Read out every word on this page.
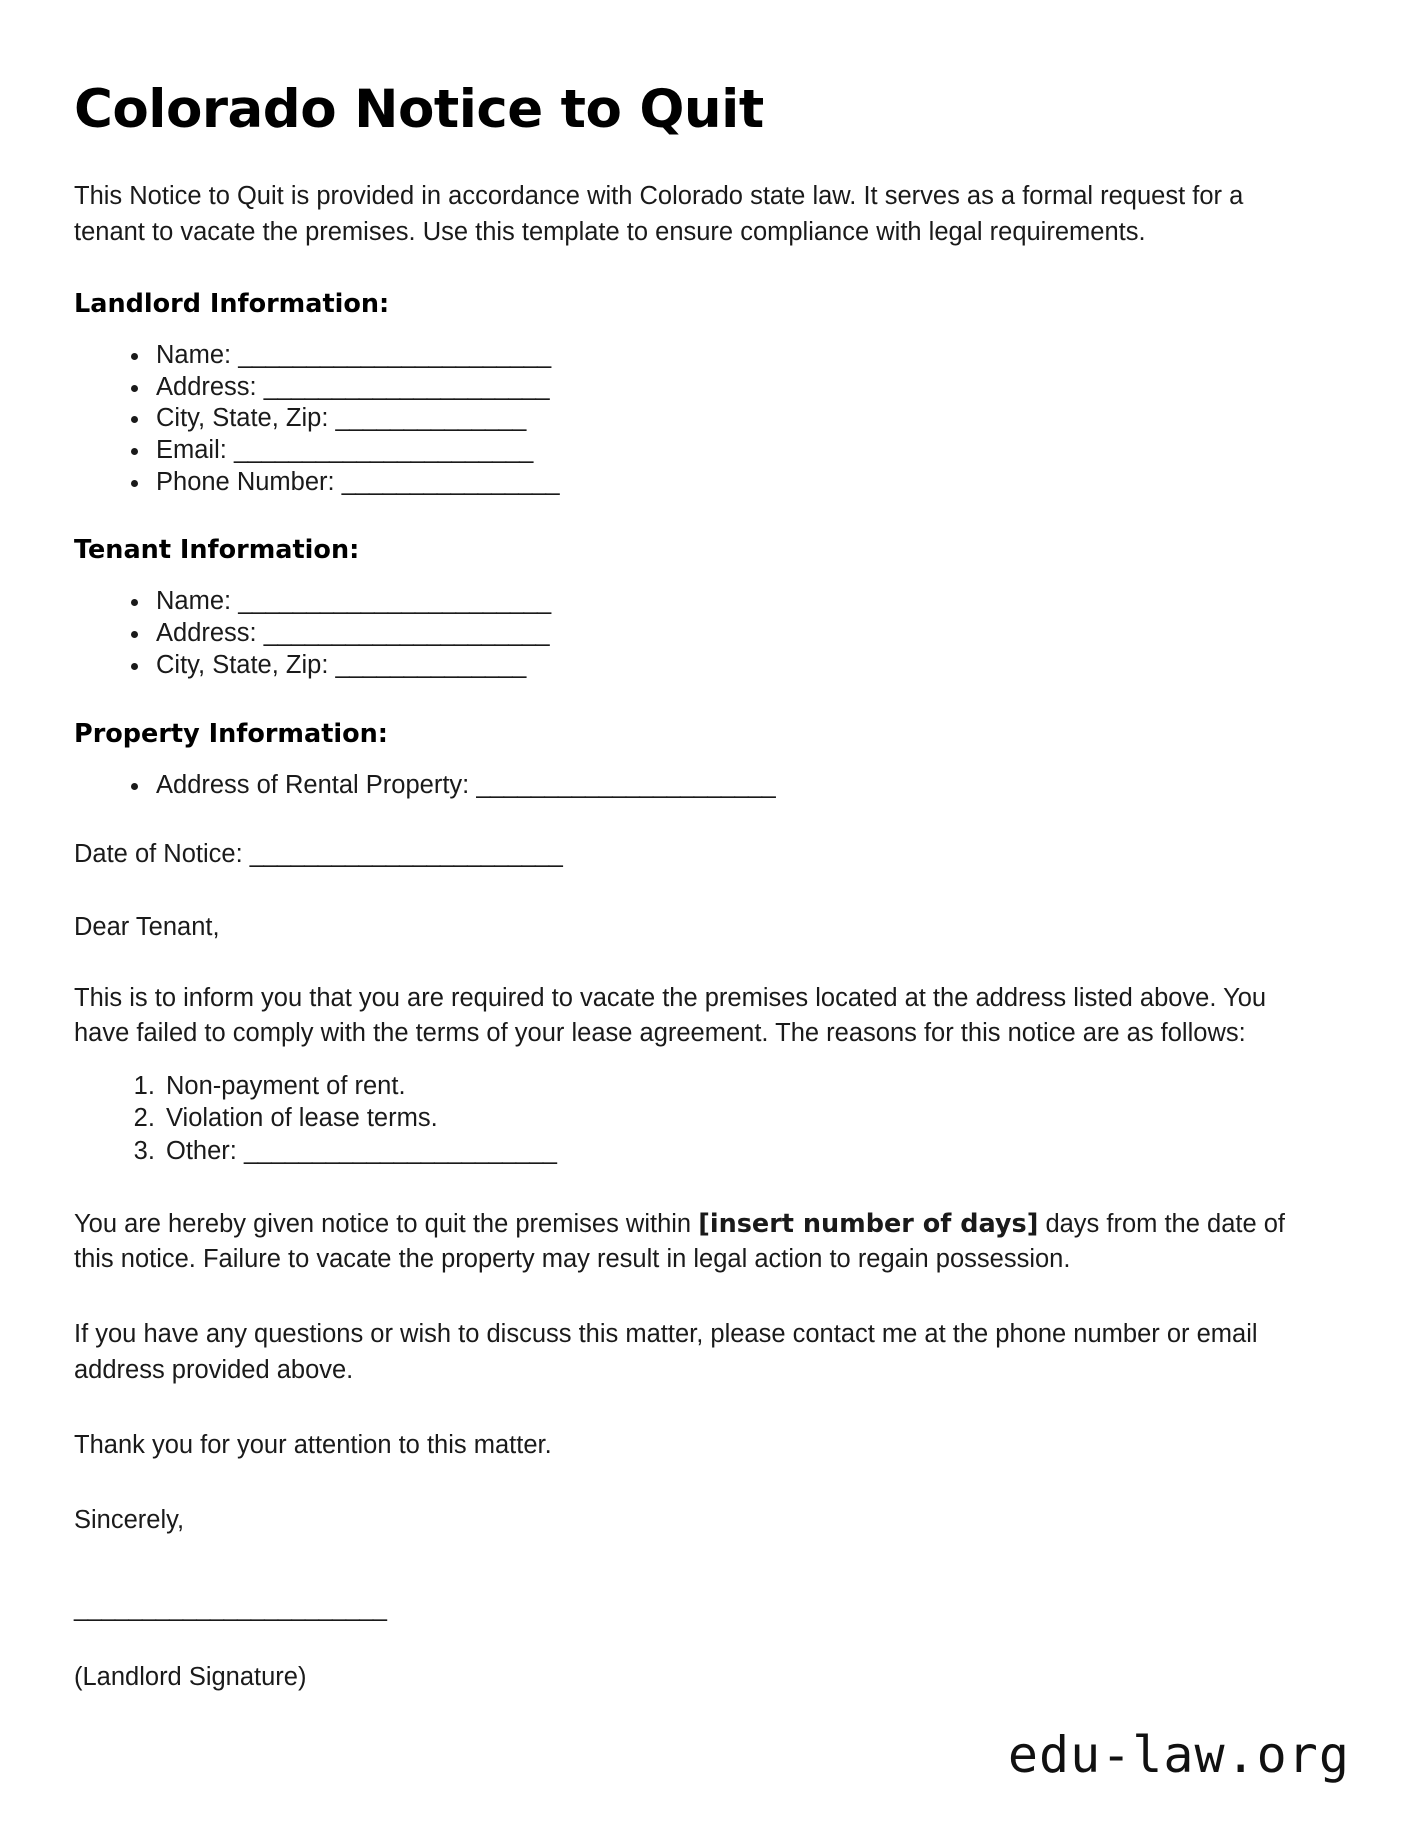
Colorado Notice to Quit

This Notice to Quit is provided in accordance with Colorado state law. It serves as a formal request for a tenant to vacate the premises. Use this template to ensure compliance with legal requirements.

Landlord Information:
• Name: _______________________
• Address: _____________________
• City, State, Zip: ______________
• Email: ______________________
• Phone Number: ________________
Tenant Information:
• Name: _______________________
• Address: _____________________
• City, State, Zip: ______________
Property Information:
• Address of Rental Property: ______________________
Date of Notice: _______________________
Dear Tenant,

This is to inform you that you are required to vacate the premises located at the address listed above. You have failed to comply with the terms of your lease agreement. The reasons for this notice are as follows:

1. Non-payment of rent.
2. Violation of lease terms.
3. Other: _______________________

You are hereby given notice to quit the premises within [insert number of days] days from the date of this notice. Failure to vacate the property may result in legal action to regain possession.

If you have any questions or wish to discuss this matter, please contact me at the phone number or email address provided above.

Thank you for your attention to this matter.

Sincerely,

_______________________
(Landlord Signature)
edu-law.org
